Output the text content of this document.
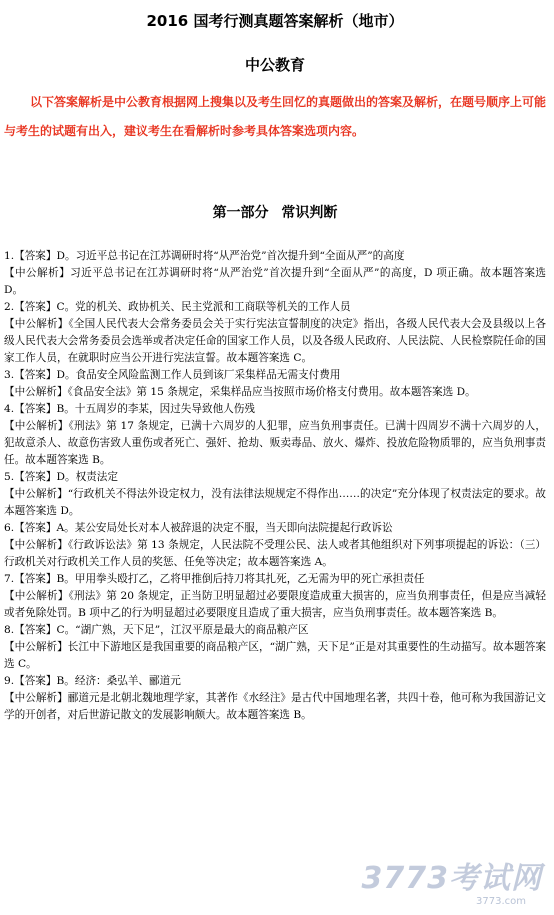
2016 国考行测真题答案解析（地市）
中公教育
以下答案解析是中公教育根据网上搜集以及考生回忆的真题做出的答案及解析，在题号顺序上可能与考生的试题有出入，建议考生在看解析时参考具体答案选项内容。
第一部分 常识判断

1.【答案】D。习近平总书记在江苏调研时将“从严治党”首次提升到“全面从严”的高度

【中公解析】习近平总书记在江苏调研时将“从严治党”首次提升到“全面从严”的高度，D 项正确。故本题答案选 D。

2.【答案】C。党的机关、政协机关、民主党派和工商联等机关的工作人员

【中公解析】《全国人民代表大会常务委员会关于实行宪法宣誓制度的决定》指出，各级人民代表大会及县级以上各级人民代表大会常务委员会选举或者决定任命的国家工作人员，以及各级人民政府、人民法院、人民检察院任命的国家工作人员，在就职时应当公开进行宪法宣誓。故本题答案选 C。

3.【答案】D。食品安全风险监测工作人员到该厂采集样品无需支付费用

【中公解析】《食品安全法》第 15 条规定，采集样品应当按照市场价格支付费用。故本题答案选 D。

4.【答案】B。十五周岁的李某，因过失导致他人伤残

【中公解析】《刑法》第 17 条规定，已满十六周岁的人犯罪，应当负刑事责任。已满十四周岁不满十六周岁的人，犯故意杀人、故意伤害致人重伤或者死亡、强奸、抢劫、贩卖毒品、放火、爆炸、投放危险物质罪的，应当负刑事责任。故本题答案选 B。

5.【答案】D。权责法定

【中公解析】“行政机关不得法外设定权力，没有法律法规规定不得作出……的决定”充分体现了权责法定的要求。故本题答案选 D。

6.【答案】A。某公安局处长对本人被辞退的决定不服，当天即向法院提起行政诉讼

【中公解析】《行政诉讼法》第 13 条规定，人民法院不受理公民、法人或者其他组织对下列事项提起的诉讼：（三）行政机关对行政机关工作人员的奖惩、任免等决定；故本题答案选 A。

7.【答案】B。甲用拳头殴打乙，乙将甲推倒后持刀将其扎死，乙无需为甲的死亡承担责任

【中公解析】《刑法》第 20 条规定，正当防卫明显超过必要限度造成重大损害的，应当负刑事责任，但是应当减轻或者免除处罚。B 项中乙的行为明显超过必要限度且造成了重大损害，应当负刑事责任。故本题答案选 B。

8.【答案】C。“湖广熟，天下足”，江汉平原是最大的商品粮产区

【中公解析】长江中下游地区是我国重要的商品粮产区，“湖广熟，天下足”正是对其重要性的生动描写。故本题答案选 C。

9.【答案】B。经济：桑弘羊、郦道元

【中公解析】郦道元是北朝北魏地理学家，其著作《水经注》是古代中国地理名著，共四十卷，他可称为我国游记文学的开创者，对后世游记散文的发展影响颇大。故本题答案选 B。

3773考试网
3773.com
